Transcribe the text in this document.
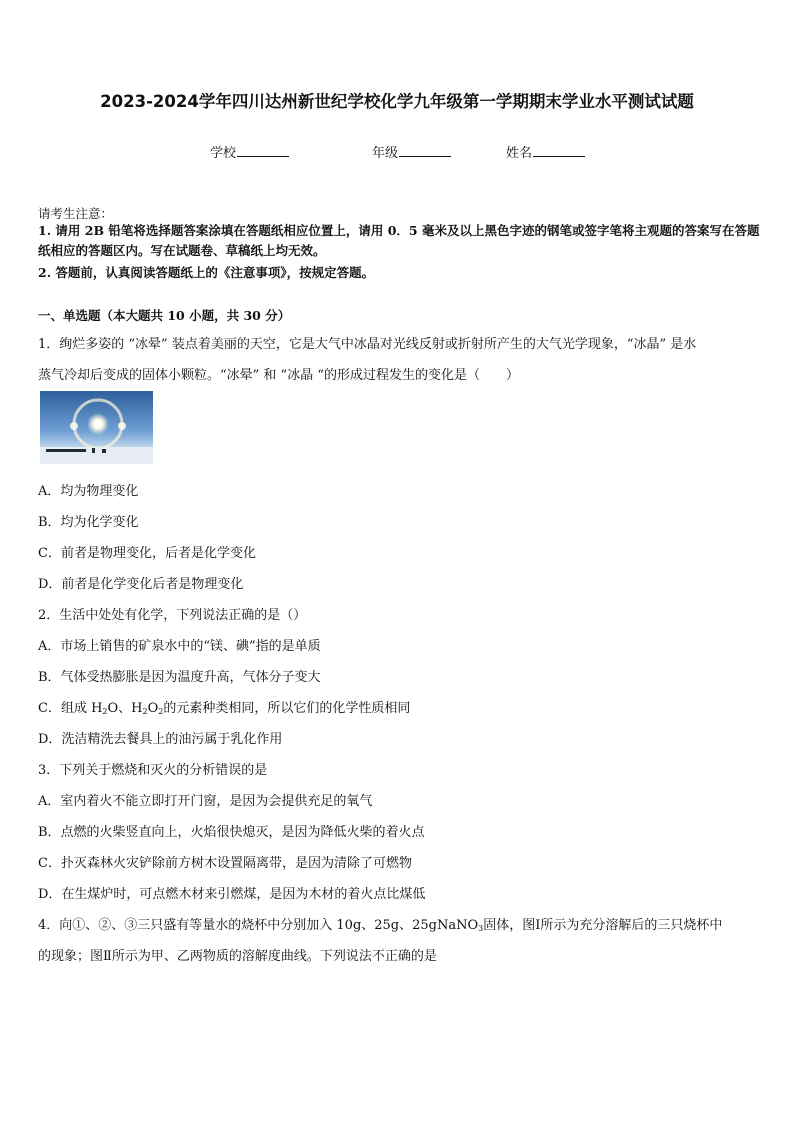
2023-2024学年四川达州新世纪学校化学九年级第一学期期末学业水平测试试题
学校	年级	姓名
请考生注意：
1. 请用 2B 铅笔将选择题答案涂填在答题纸相应位置上，请用 0．5 毫米及以上黑色字迹的钢笔或签字笔将主观题的答案写在答题纸相应的答题区内。写在试题卷、草稿纸上均无效。
2. 答题前，认真阅读答题纸上的《注意事项》，按规定答题。
一、单选题（本大题共 10 小题，共 30 分）
1．绚烂多姿的 “冰晕” 装点着美丽的天空，它是大气中冰晶对光线反射或折射所产生的大气光学现象，“冰晶” 是水
蒸气冷却后变成的固体小颗粒。“冰晕” 和 “冰晶 “的形成过程发生的变化是（　　）
A．均为物理变化
B．均为化学变化
C．前者是物理变化，后者是化学变化
D．前者是化学变化后者是物理变化
2．生活中处处有化学，下列说法正确的是（）
A．市场上销售的矿泉水中的“镁、碘”指的是单质
B．气体受热膨胀是因为温度升高，气体分子变大
C．组成 $H_2O$、$H_2O_2$的元素种类相同，所以它们的化学性质相同
D．洗洁精洗去餐具上的油污属于乳化作用
3．下列关于燃烧和灭火的分析错误的是
A．室内着火不能立即打开门窗，是因为会提供充足的氧气
B．点燃的火柴竖直向上，火焰很快熄灭，是因为降低火柴的着火点
C．扑灭森林火灾铲除前方树木设置隔离带，是因为清除了可燃物
D．在生煤炉时，可点燃木材来引燃煤，是因为木材的着火点比煤低
4．向①、②、③三只盛有等量水的烧杯中分别加入 10g、25g、25gNaNO$_3$固体，图Ⅰ所示为充分溶解后的三只烧杯中
的现象；图Ⅱ所示为甲、乙两物质的溶解度曲线。下列说法不正确的是
